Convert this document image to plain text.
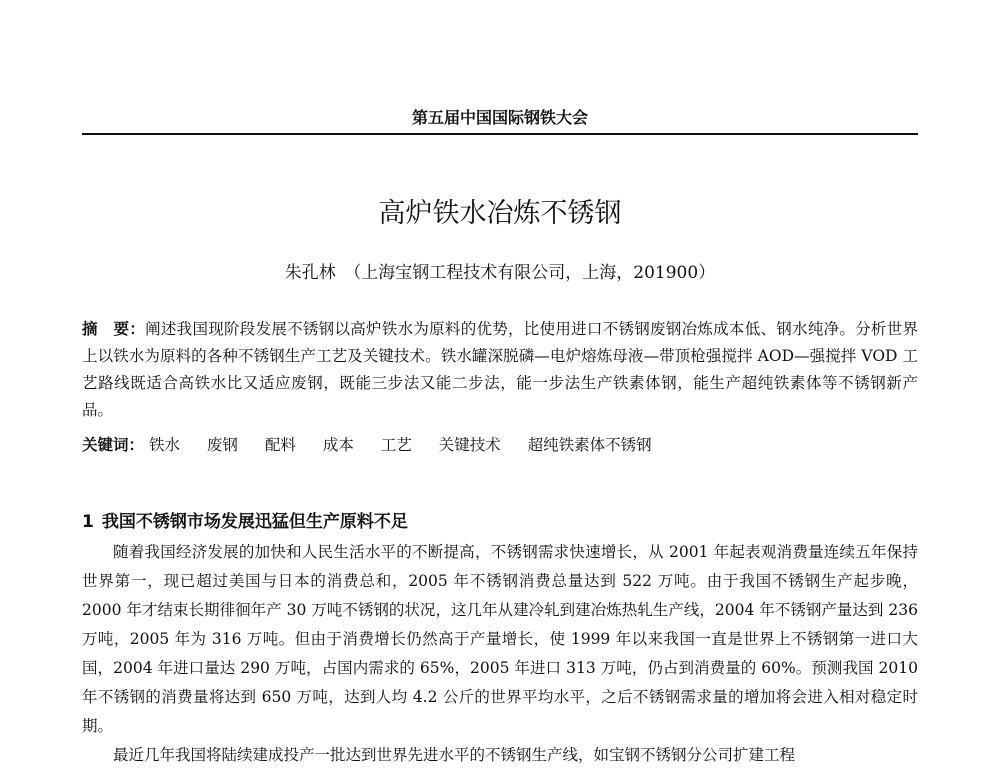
第五届中国国际钢铁大会
高炉铁水冶炼不锈钢
朱孔林　（上海宝钢工程技术有限公司，上海，201900）
摘　要：阐述我国现阶段发展不锈钢以高炉铁水为原料的优势，比使用进口不锈钢废钢冶炼成本低、钢水纯净。分析世界上以铁水为原料的各种不锈钢生产工艺及关键技术。铁水罐深脱磷—电炉熔炼母液—带顶枪强搅拌 AOD—强搅拌 VOD 工艺路线既适合高铁水比又适应废钢，既能三步法又能二步法，能一步法生产铁素体钢，能生产超纯铁素体等不锈钢新产品。
关键词： 铁水 废钢 配料 成本 工艺 关键技术 超纯铁素体不锈钢
1 我国不锈钢市场发展迅猛但生产原料不足

随着我国经济发展的加快和人民生活水平的不断提高，不锈钢需求快速增长，从 2001 年起表观消费量连续五年保持世界第一，现已超过美国与日本的消费总和，2005 年不锈钢消费总量达到 522 万吨。由于我国不锈钢生产起步晚，2000 年才结束长期徘徊年产 30 万吨不锈钢的状况，这几年从建冷轧到建冶炼热轧生产线，2004 年不锈钢产量达到 236 万吨，2005 年为 316 万吨。但由于消费增长仍然高于产量增长，使 1999 年以来我国一直是世界上不锈钢第一进口大国，2004 年进口量达 290 万吨，占国内需求的 65%，2005 年进口 313 万吨，仍占到消费量的 60%。预测我国 2010 年不锈钢的消费量将达到 650 万吨，达到人均 4.2 公斤的世界平均水平，之后不锈钢需求量的增加将会进入相对稳定时期。

最近几年我国将陆续建成投产一批达到世界先进水平的不锈钢生产线，如宝钢不锈钢分公司扩建工程
